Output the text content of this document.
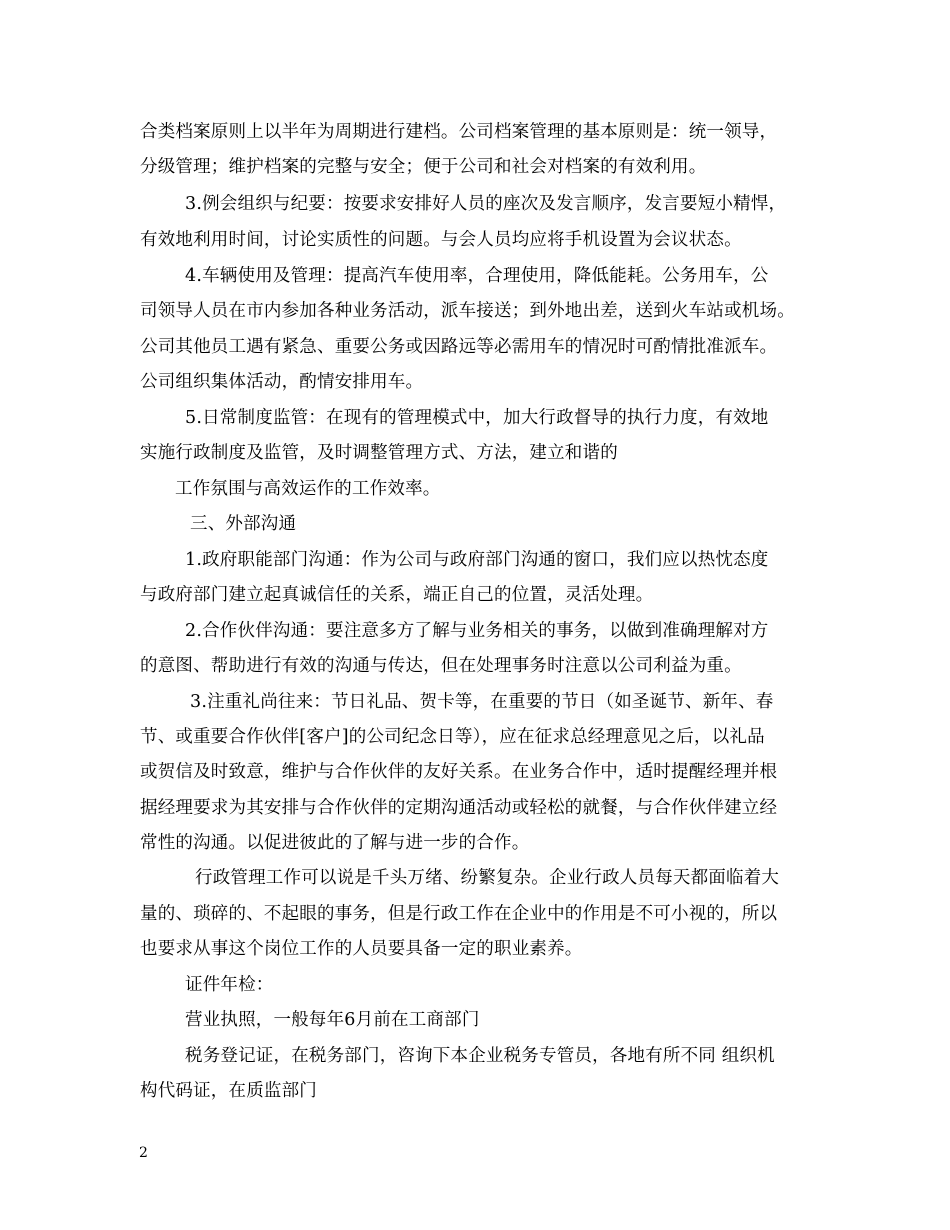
合类档案原则上以半年为周期进行建档。公司档案管理的基本原则是：统一领导，
分级管理；维护档案的完整与安全；便于公司和社会对档案的有效利用。
3.例会组织与纪要：按要求安排好人员的座次及发言顺序，发言要短小精悍，
有效地利用时间，讨论实质性的问题。与会人员均应将手机设置为会议状态。
4.车辆使用及管理：提高汽车使用率，合理使用，降低能耗。公务用车，公
司领导人员在市内参加各种业务活动，派车接送；到外地出差，送到火车站或机场。
公司其他员工遇有紧急、重要公务或因路远等必需用车的情况时可酌情批准派车。
公司组织集体活动，酌情安排用车。
5.日常制度监管：在现有的管理模式中，加大行政督导的执行力度，有效地
实施行政制度及监管，及时调整管理方式、方法，建立和谐的
工作氛围与高效运作的工作效率。
三、外部沟通
1.政府职能部门沟通：作为公司与政府部门沟通的窗口，我们应以热忱态度
与政府部门建立起真诚信任的关系，端正自己的位置，灵活处理。
2.合作伙伴沟通：要注意多方了解与业务相关的事务，以做到准确理解对方
的意图、帮助进行有效的沟通与传达，但在处理事务时注意以公司利益为重。
3.注重礼尚往来：节日礼品、贺卡等，在重要的节日（如圣诞节、新年、春
节、或重要合作伙伴[客户]的公司纪念日等），应在征求总经理意见之后，以礼品
或贺信及时致意，维护与合作伙伴的友好关系。在业务合作中，适时提醒经理并根
据经理要求为其安排与合作伙伴的定期沟通活动或轻松的就餐，与合作伙伴建立经
常性的沟通。以促进彼此的了解与进一步的合作。
行政管理工作可以说是千头万绪、纷繁复杂。企业行政人员每天都面临着大
量的、琐碎的、不起眼的事务，但是行政工作在企业中的作用是不可小视的，所以
也要求从事这个岗位工作的人员要具备一定的职业素养。
证件年检：
营业执照，一般每年6月前在工商部门
税务登记证，在税务部门，咨询下本企业税务专管员，各地有所不同 组织机
构代码证，在质监部门
2
